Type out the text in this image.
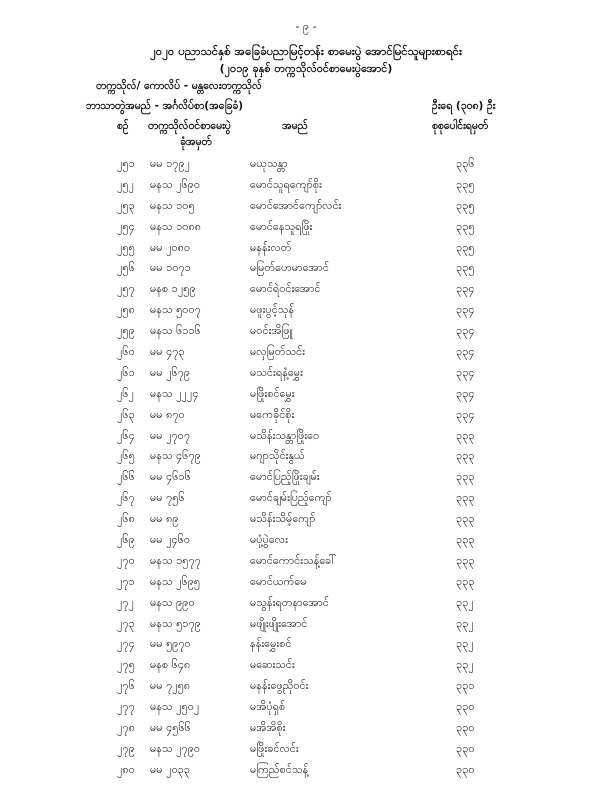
- ၉ -
၂၀၂၀ ပညာသင်နှစ် အခြေခံပညာမြင့်တန်း စာမေးပွဲ အောင်မြင်သူများစာရင်း
(၂၀၁၉ ခုနှစ် တက္ကသိုလ်ဝင်စာမေးပွဲအောင်)
တက္ကသိုလ်/ ကောလိပ် - မန္တလေးတက္ကသိုလ်
ဘာသာတွဲအမည် - အင်္ဂလိပ်စာ(အခြေခံ)	ဦးရေ (၃၀၈) ဦး
စဉ် တက္ကသိုလ်ဝင်စာမေးပွဲ
ခုံအမှတ်
အမည်	စုစုပေါင်းရမှတ်
၂၅၁ မမ ၁၇၉၂	မယုသန္တာ	၃၃၆
၂၅၂ မနသ ၂၆၉၀	မောင်သူရကျော်စိုး	၃၃၅
၂၅၃ မနသ ၁၀၅	မောင်အောင်ကျော်လင်း	၃၃၅
၂၅၄ မနသ ၁၀၈၈	မောင်နေသူရဖြိုး	၃၃၅
၂၅၅ မမ ၂၀၈၀	မနန်းလတ်	၃၃၅
၂၅၆ မမ ၁၀၇၁	မမြတ်ဟေမာအောင်	၃၃၅
၂၅၇ မနစ ၁၂၅၉	မောင်ရဲဝင်းအောင်	၃၃၄
၂၅၈ မနသ ၅၀၀၇	မဖူးပွင့်သုန်	၃၃၄
၂၅၉ မနသ ၆၁၁၆	မဝင်းအိဖြူ	၃၃၄
၂၆၀ မမ ၄၇၃	မလှမြတ်သင်း	၃၃၄
၂၆၁ မမ ၂၆၇၉	မသင်းရနံ့မွှေး	၃၃၄
၂၆၂ မနသ ၂၂၂၄	မဖြိုးစင်မွှေး	၃၃၄
၂၆၃ မမ ၈၇၀	မကေခိုင်စိုး	၃၃၄
၂၆၄ မမ ၂၇၀၇	မသိန်းသန္တာဖြိုးဝေ	၃၃၃
၂၆၅ မနသ ၄၆၇၉	မဂျာသိုင်းနွယ်	၃၃၃
၂၆၆ မမ ၄၆၁၆	မောင်ပြည့်ဖြိုးချမ်း	၃၃၃
၂၆၇ မမ ၇၅၆	မောင်ချမ်းပြည့်ကျော်	၃၃၃
၂၆၈ မမ ၈၉	မသိန်းသိမ့်ကျော်	၃၃၃
၂၆၉ မမ ၂၄၆၀	မပုံ့ပွဲလေး	၃၃၃
၂၇၀ မနသ ၁၅၇၇	မောင်ကောင်းသန့်ခေါ်	၃၃၃
၂၇၁ မနသ ၂၆၉၅	မောင်ယက်မေ	၃၃၃
၂၇၂ မနသ ၉၉၀	မသွန်းရတနာအောင်	၃၃၂
၂၇၃ မနသ ၅၁၇၉	မဖျိုးဖျိုးအောင်	၃၃၂
၂၇၄ မမ ၅၉၇၀	နန်းမွှေးစင်	၃၃၂
၂၇၅ မနစ ၆၄၈	မဆေးသင်း	၃၃၂
၂၇၆ မမ ၇၂၅၈	မနန်းဖွေညိုဝင်း	၃၃၁
၂၇၇ မနသ ၂၅၀၂	မအိပုံရှစ်	၃၃၀
၂၇၈ မမ ၄၅၆၆	မအိအိစိုး	၃၃၀
၂၇၉ မနသ ၂၇၉၀	မဖြိုးခင်လင်း	၃၃၀
၂၈၀ မမ ၂၀၃၃	မကြည်စင်သန့်	၃၃၀
